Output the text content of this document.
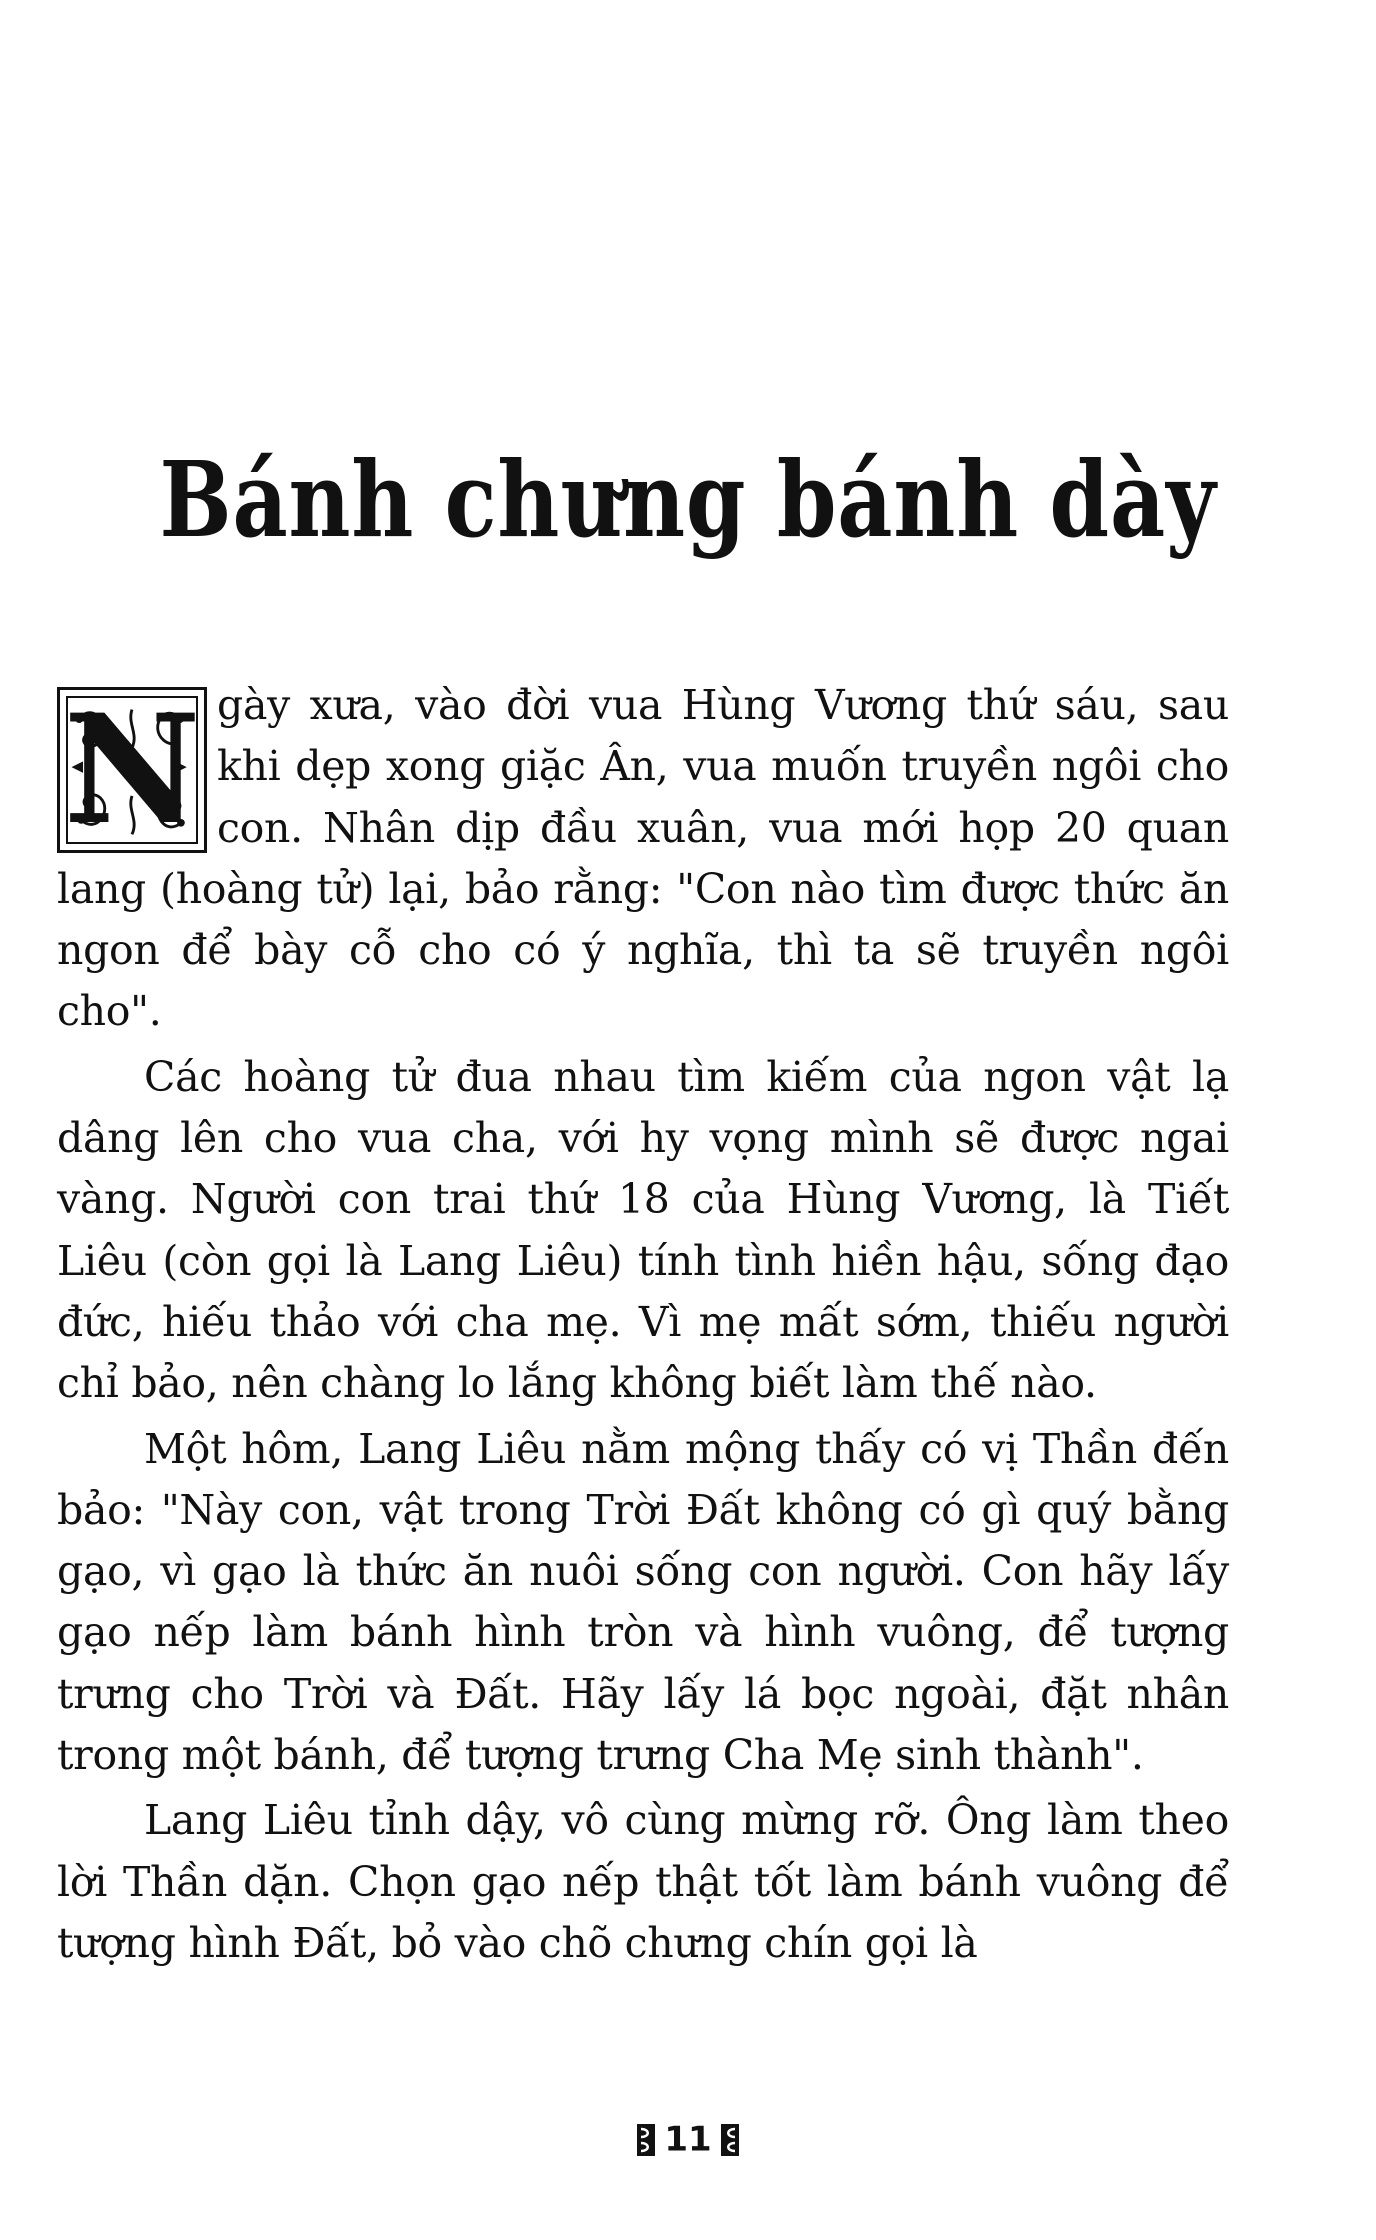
Bánh chưng bánh dày

N gày xưa, vào đời vua Hùng Vương thứ sáu, sau khi dẹp xong giặc Ân, vua muốn truyền ngôi cho con. Nhân dịp đầu xuân, vua mới họp 20 quan lang (hoàng tử) lại, bảo rằng: "Con nào tìm được thức ăn ngon để bày cỗ cho có ý nghĩa, thì ta sẽ truyền ngôi cho".

Các hoàng tử đua nhau tìm kiếm của ngon vật lạ dâng lên cho vua cha, với hy vọng mình sẽ được ngai vàng. Người con trai thứ 18 của Hùng Vương, là Tiết Liêu (còn gọi là Lang Liêu) tính tình hiền hậu, sống đạo đức, hiếu thảo với cha mẹ. Vì mẹ mất sớm, thiếu người chỉ bảo, nên chàng lo lắng không biết làm thế nào.

Một hôm, Lang Liêu nằm mộng thấy có vị Thần đến bảo: "Này con, vật trong Trời Đất không có gì quý bằng gạo, vì gạo là thức ăn nuôi sống con người. Con hãy lấy gạo nếp làm bánh hình tròn và hình vuông, để tượng trưng cho Trời và Đất. Hãy lấy lá bọc ngoài, đặt nhân trong một bánh, để tượng trưng Cha Mẹ sinh thành".

Lang Liêu tỉnh dậy, vô cùng mừng rỡ. Ông làm theo lời Thần dặn. Chọn gạo nếp thật tốt làm bánh vuông để tượng hình Đất, bỏ vào chõ chưng chín gọi là

11
